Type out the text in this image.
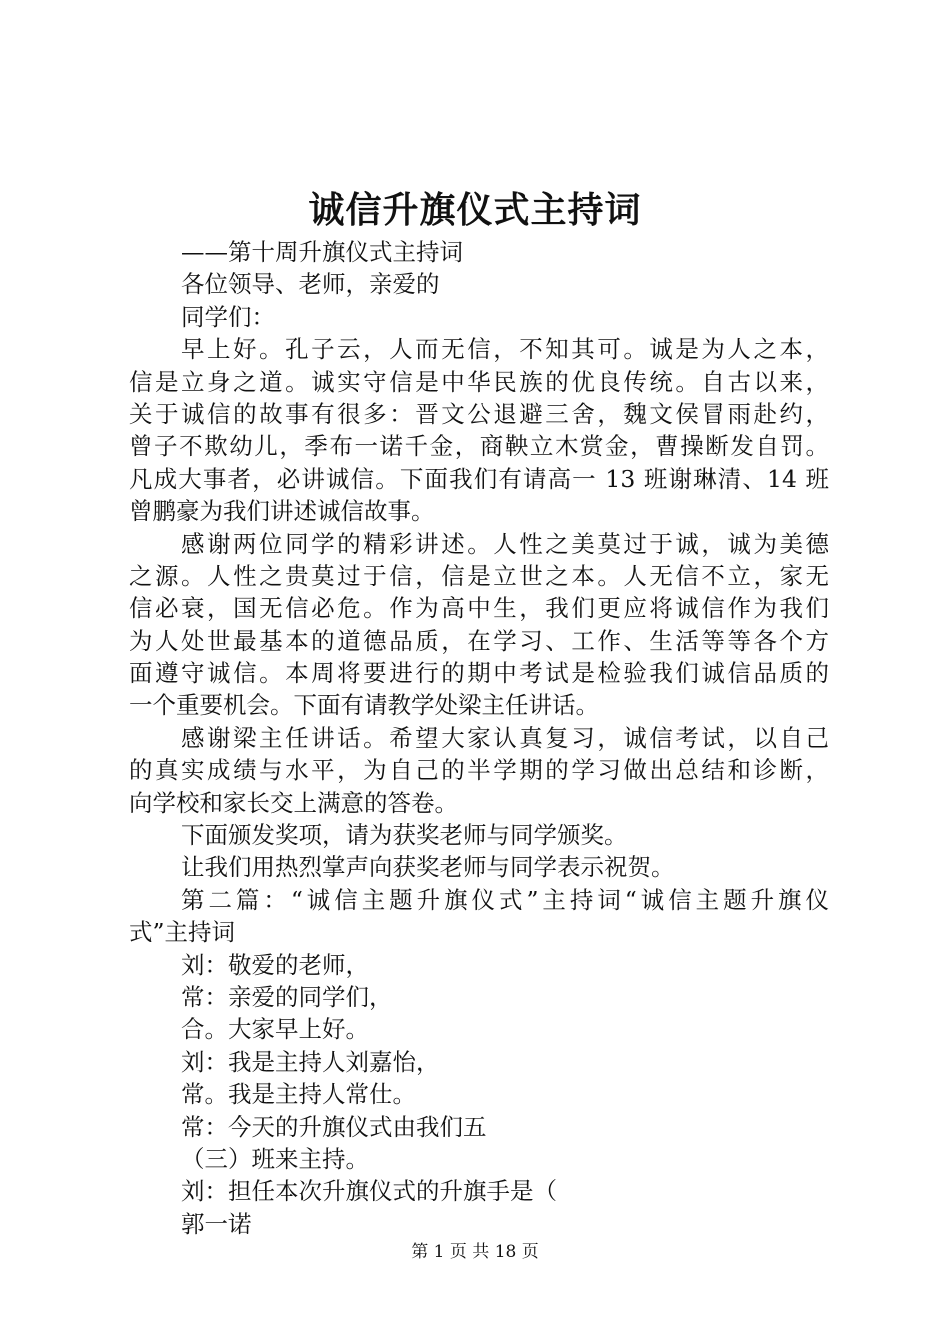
诚信升旗仪式主持词
——第十周升旗仪式主持词
各位领导、老师，亲爱的
同学们：
早上好。孔子云，人而无信，不知其可。诚是为人之本，
信是立身之道。诚实守信是中华民族的优良传统。自古以来，
关于诚信的故事有很多：晋文公退避三舍，魏文侯冒雨赴约，
曾子不欺幼儿，季布一诺千金，商鞅立木赏金，曹操断发自罚。
凡成大事者，必讲诚信。下面我们有请高一 13 班谢琳清、14 班
曾鹏豪为我们讲述诚信故事。
感谢两位同学的精彩讲述。人性之美莫过于诚，诚为美德
之源。人性之贵莫过于信，信是立世之本。人无信不立，家无
信必衰，国无信必危。作为高中生，我们更应将诚信作为我们
为人处世最基本的道德品质，在学习、工作、生活等等各个方
面遵守诚信。本周将要进行的期中考试是检验我们诚信品质的
一个重要机会。下面有请教学处梁主任讲话。
感谢梁主任讲话。希望大家认真复习，诚信考试，以自己
的真实成绩与水平，为自己的半学期的学习做出总结和诊断，
向学校和家长交上满意的答卷。
下面颁发奖项，请为获奖老师与同学颁奖。
让我们用热烈掌声向获奖老师与同学表示祝贺。
第二篇：“诚信主题升旗仪式”主持词“诚信主题升旗仪
式”主持词
刘：敬爱的老师，
常：亲爱的同学们，
合。大家早上好。
刘：我是主持人刘嘉怡，
常。我是主持人常仕。
常：今天的升旗仪式由我们五
（三）班来主持。
刘：担任本次升旗仪式的升旗手是（
郭一诺
第 1 页 共 18 页
